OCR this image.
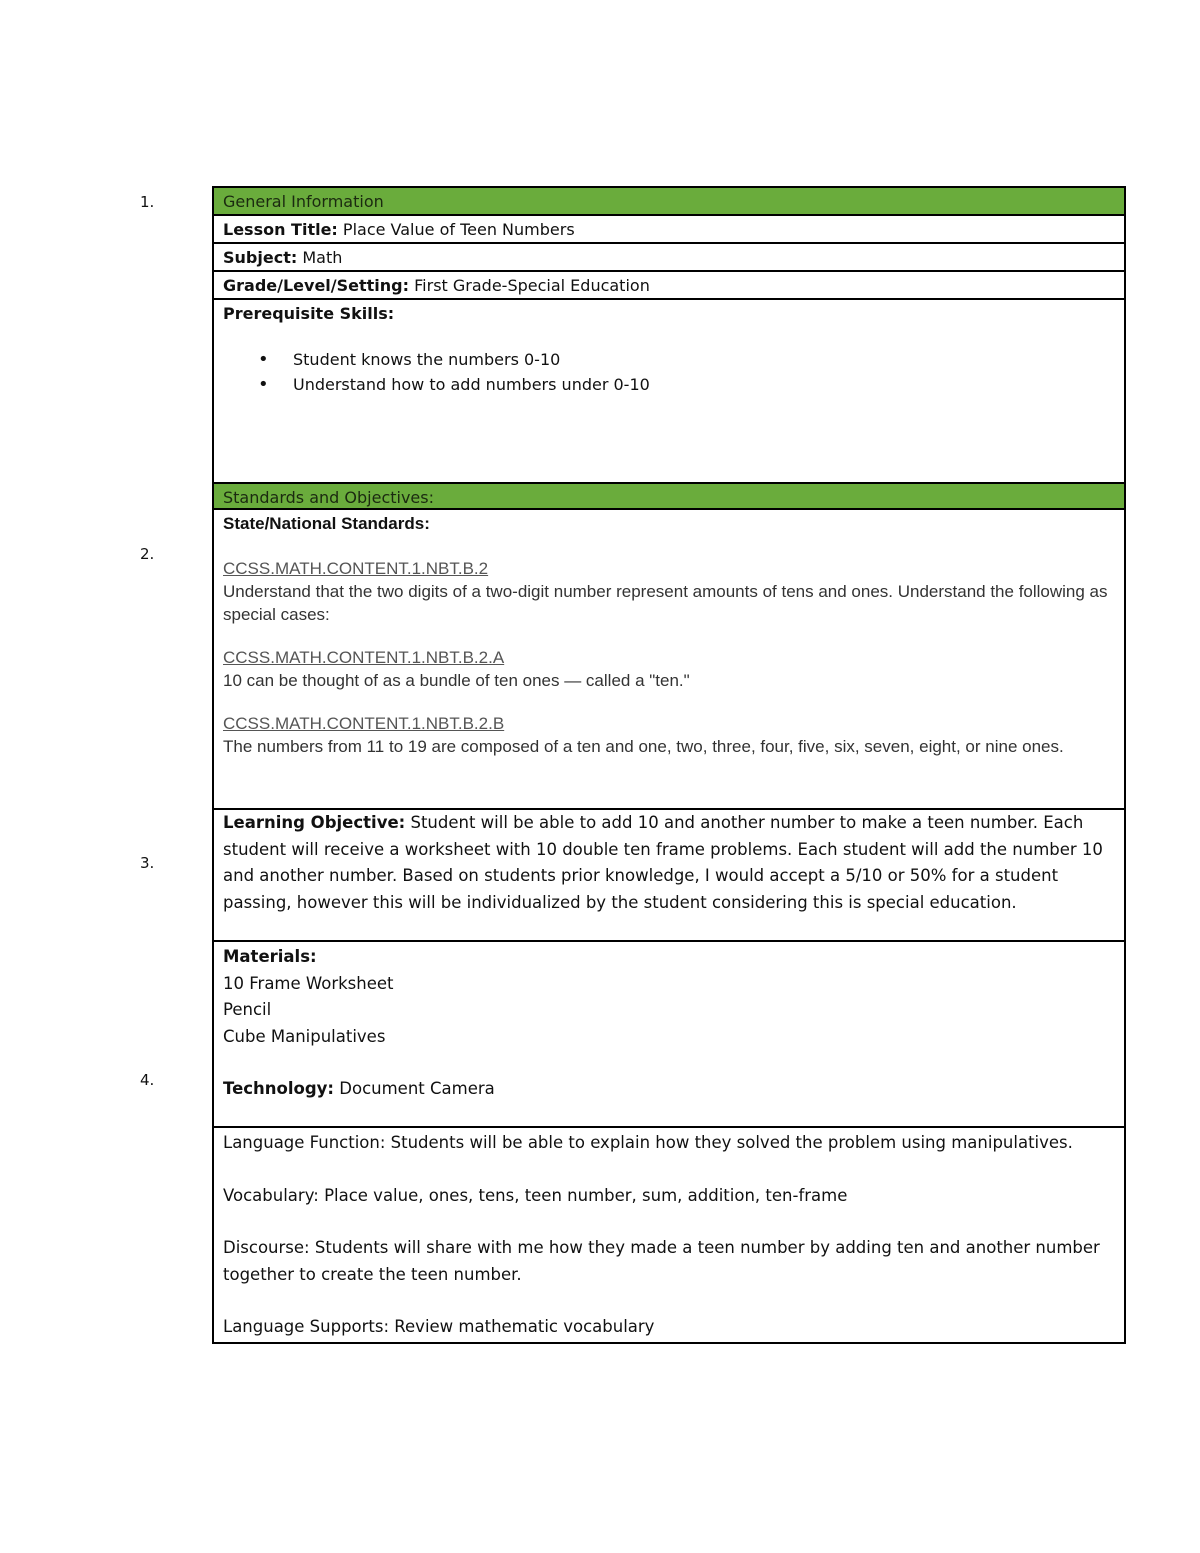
1.
2.
3.
4.
General Information
Lesson Title: Place Value of Teen Numbers
Subject: Math
Grade/Level/Setting: First Grade-Special Education
Prerequisite Skills:
• Student knows the numbers 0-10
• Understand how to add numbers under 0-10
Standards and Objectives:
State/National Standards:
CCSS.MATH.CONTENT.1.NBT.B.2
Understand that the two digits of a two-digit number represent amounts of tens and ones. Understand the following as special cases:
CCSS.MATH.CONTENT.1.NBT.B.2.A
10 can be thought of as a bundle of ten ones — called a "ten."
CCSS.MATH.CONTENT.1.NBT.B.2.B
The numbers from 11 to 19 are composed of a ten and one, two, three, four, five, six, seven, eight, or nine ones.
Learning Objective: Student will be able to add 10 and another number to make a teen number. Each student will receive a worksheet with 10 double ten frame problems. Each student will add the number 10 and another number. Based on students prior knowledge, I would accept a 5/10 or 50% for a student passing, however this will be individualized by the student considering this is special education.
Materials:
10 Frame Worksheet
Pencil
Cube Manipulatives
Technology: Document Camera
Language Function: Students will be able to explain how they solved the problem using manipulatives.
Vocabulary: Place value, ones, tens, teen number, sum, addition, ten-frame
Discourse: Students will share with me how they made a teen number by adding ten and another number together to create the teen number.
Language Supports: Review mathematic vocabulary
